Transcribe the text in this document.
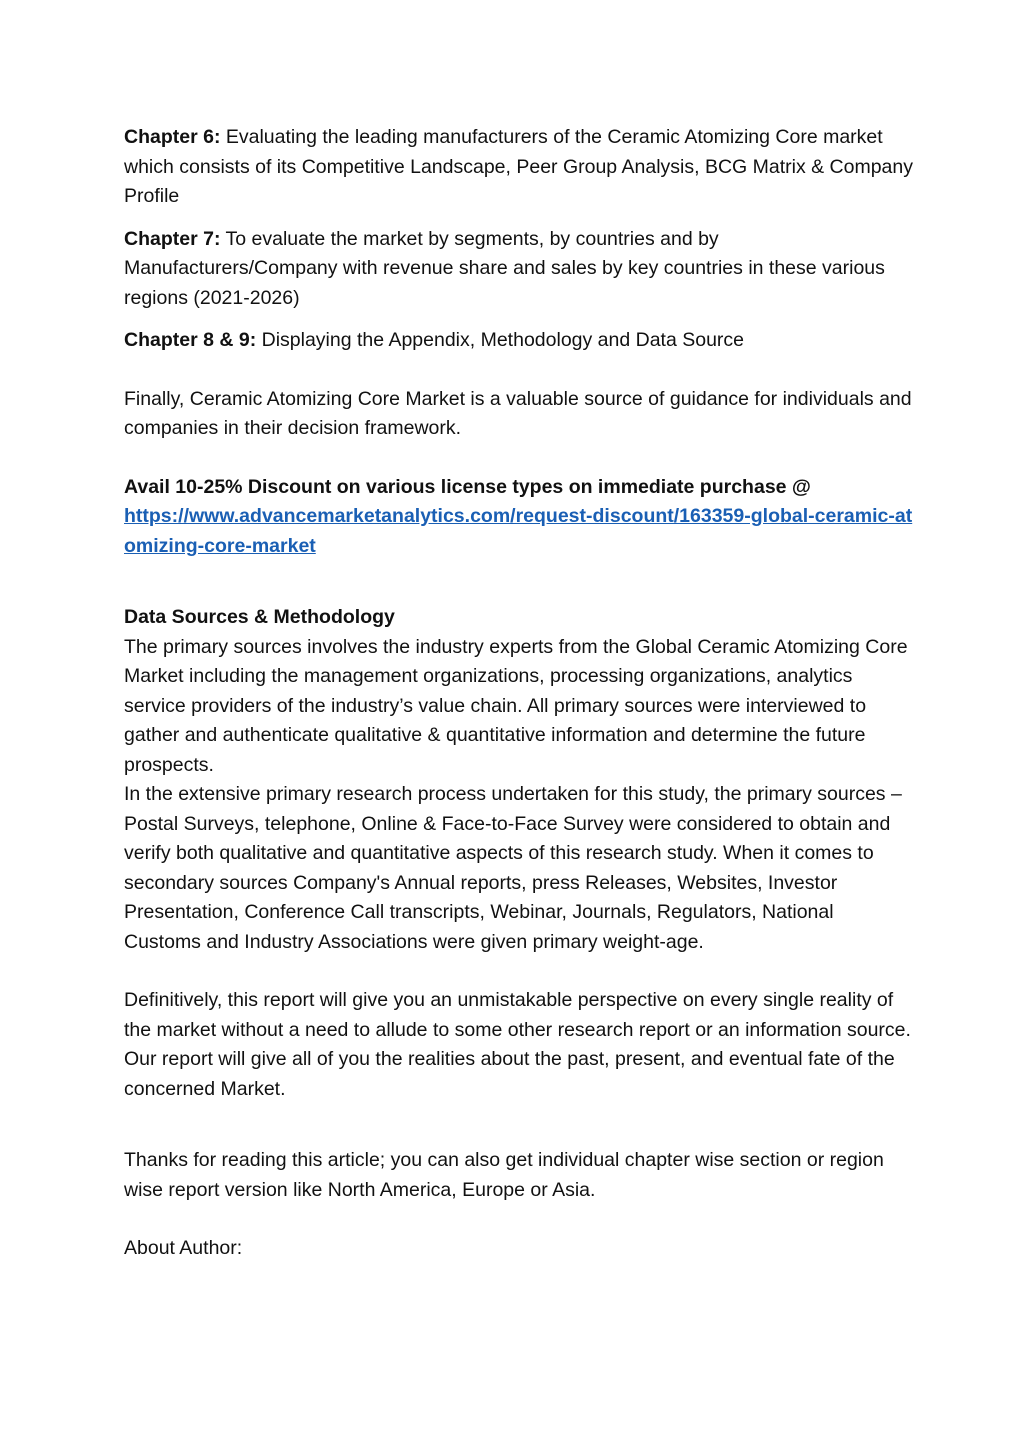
Chapter 6: Evaluating the leading manufacturers of the Ceramic Atomizing Core market which consists of its Competitive Landscape, Peer Group Analysis, BCG Matrix & Company Profile

Chapter 7: To evaluate the market by segments, by countries and by Manufacturers/Company with revenue share and sales by key countries in these various regions (2021-2026)

Chapter 8 & 9: Displaying the Appendix, Methodology and Data Source

Finally, Ceramic Atomizing Core Market is a valuable source of guidance for individuals and companies in their decision framework.

Avail 10-25% Discount on various license types on immediate purchase @
https://www.advancemarketanalytics.com/request-discount/163359-global-ceramic-atomizing-core-market

Data Sources & Methodology

The primary sources involves the industry experts from the Global Ceramic Atomizing Core Market including the management organizations, processing organizations, analytics service providers of the industry’s value chain. All primary sources were interviewed to gather and authenticate qualitative & quantitative information and determine the future prospects.

In the extensive primary research process undertaken for this study, the primary sources – Postal Surveys, telephone, Online & Face-to-Face Survey were considered to obtain and verify both qualitative and quantitative aspects of this research study. When it comes to secondary sources Company's Annual reports, press Releases, Websites, Investor Presentation, Conference Call transcripts, Webinar, Journals, Regulators, National Customs and Industry Associations were given primary weight-age.

Definitively, this report will give you an unmistakable perspective on every single reality of the market without a need to allude to some other research report or an information source. Our report will give all of you the realities about the past, present, and eventual fate of the concerned Market.

Thanks for reading this article; you can also get individual chapter wise section or region wise report version like North America, Europe or Asia.

About Author:
